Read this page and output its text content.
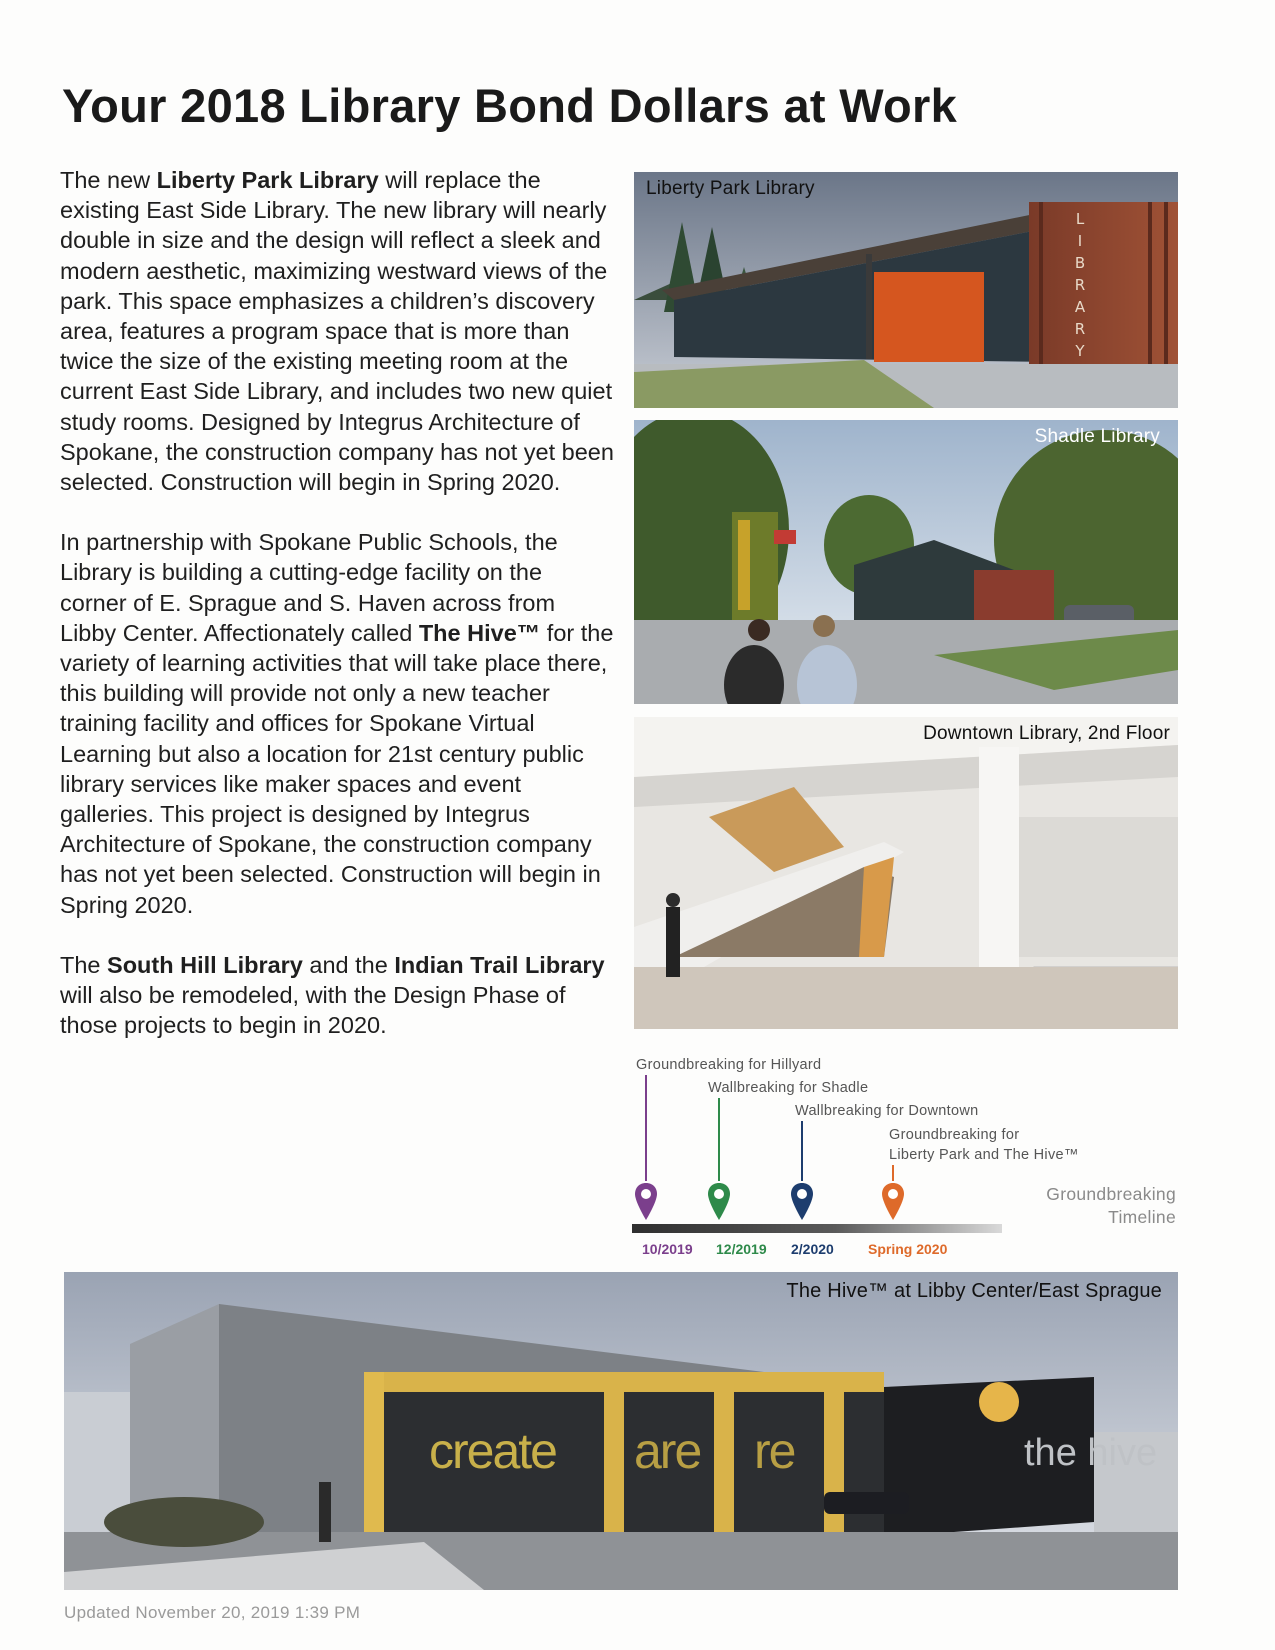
Your 2018 Library Bond Dollars at Work

The new Liberty Park Library will replace the existing East Side Library. The new library will nearly double in size and the design will reflect a sleek and modern aesthetic, maximizing westward views of the park. This space emphasizes a children’s discovery area, features a program space that is more than twice the size of the existing meeting room at the current East Side Library, and includes two new quiet study rooms. Designed by Integrus Architecture of Spokane, the construction company has not yet been selected. Construction will begin in Spring 2020.

In partnership with Spokane Public Schools, the Library is building a cutting-edge facility on the corner of E. Sprague and S. Haven across from Libby Center. Affectionately called The Hive™ for the variety of learning activities that will take place there, this building will provide not only a new teacher training facility and offices for Spokane Virtual Learning but also a location for 21st century public library services like maker spaces and event galleries. This project is designed by Integrus Architecture of Spokane, the construction company has not yet been selected. Construction will begin in Spring 2020.

The South Hill Library and the Indian Trail Library will also be remodeled, with the Design Phase of those projects to begin in 2020.

L
I
B
R
A
R
Y
Liberty Park Library
Shadle Library
Downtown Library, 2nd Floor
Groundbreaking for Hillyard
Wallbreaking for Shadle
Wallbreaking for Downtown
Groundbreaking for
Liberty Park and The Hive™
10/2019 12/2019 2/2020 Spring 2020
Groundbreaking
Timeline
create are re	the hive
The Hive™ at Libby Center/East Sprague
Updated November 20, 2019 1:39 PM
